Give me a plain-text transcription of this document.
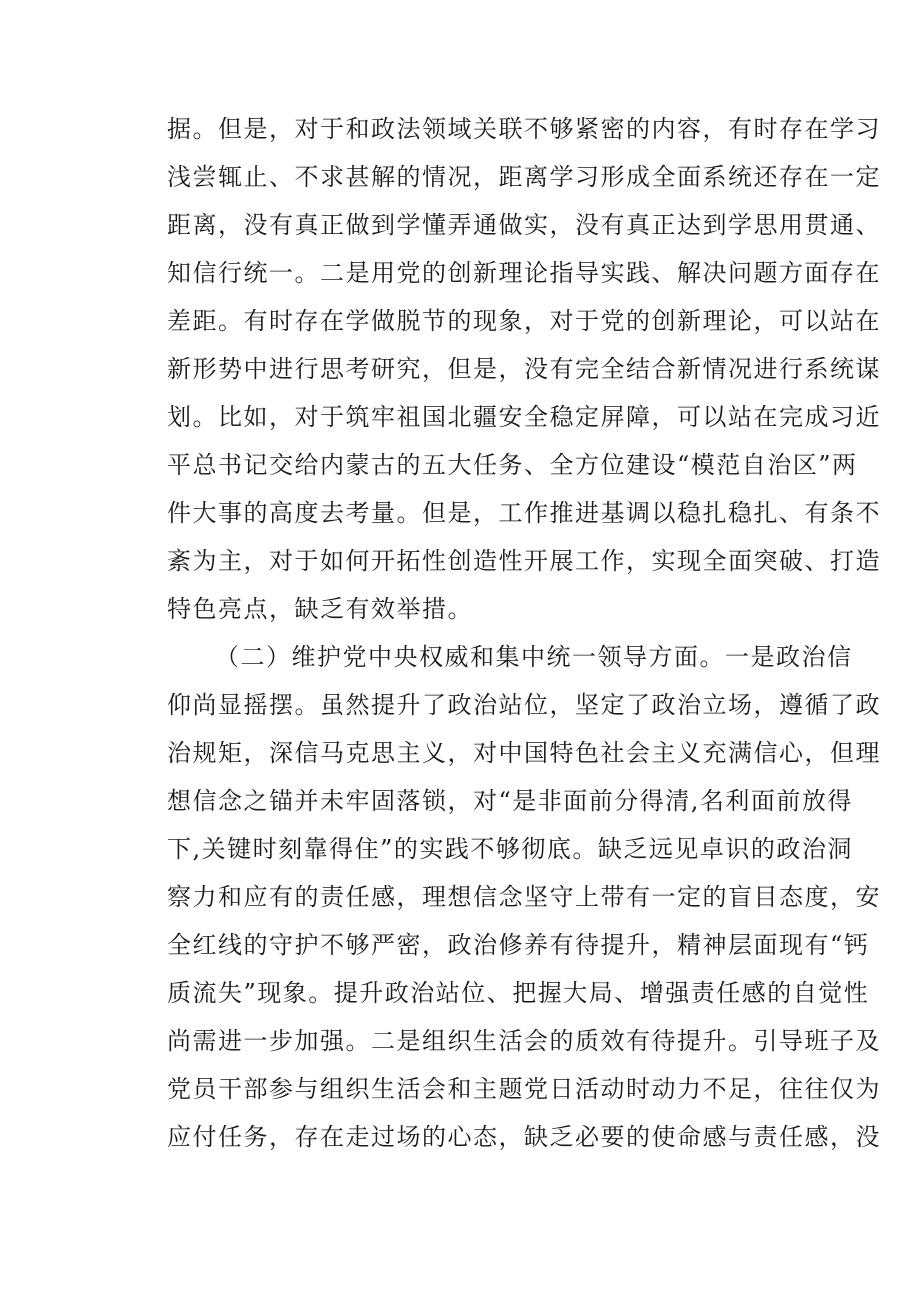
据。但是，对于和政法领域关联不够紧密的内容，有时存在学习
浅尝辄止、不求甚解的情况，距离学习形成全面系统还存在一定
距离，没有真正做到学懂弄通做实，没有真正达到学思用贯通、
知信行统一。二是用党的创新理论指导实践、解决问题方面存在
差距。有时存在学做脱节的现象，对于党的创新理论，可以站在
新形势中进行思考研究，但是，没有完全结合新情况进行系统谋
划。比如，对于筑牢祖国北疆安全稳定屏障，可以站在完成习近
平总书记交给内蒙古的五大任务、全方位建设“模范自治区”两
件大事的高度去考量。但是，工作推进基调以稳扎稳扎、有条不
紊为主，对于如何开拓性创造性开展工作，实现全面突破、打造
特色亮点，缺乏有效举措。
（二）维护党中央权威和集中统一领导方面。一是政治信
仰尚显摇摆。虽然提升了政治站位，坚定了政治立场，遵循了政
治规矩，深信马克思主义，对中国特色社会主义充满信心，但理
想信念之锚并未牢固落锁，对“是非面前分得清,名利面前放得
下,关键时刻靠得住”的实践不够彻底。缺乏远见卓识的政治洞
察力和应有的责任感，理想信念坚守上带有一定的盲目态度，安
全红线的守护不够严密，政治修养有待提升，精神层面现有“钙
质流失”现象。提升政治站位、把握大局、增强责任感的自觉性
尚需进一步加强。二是组织生活会的质效有待提升。引导班子及
党员干部参与组织生活会和主题党日活动时动力不足，往往仅为
应付任务，存在走过场的心态，缺乏必要的使命感与责任感，没
